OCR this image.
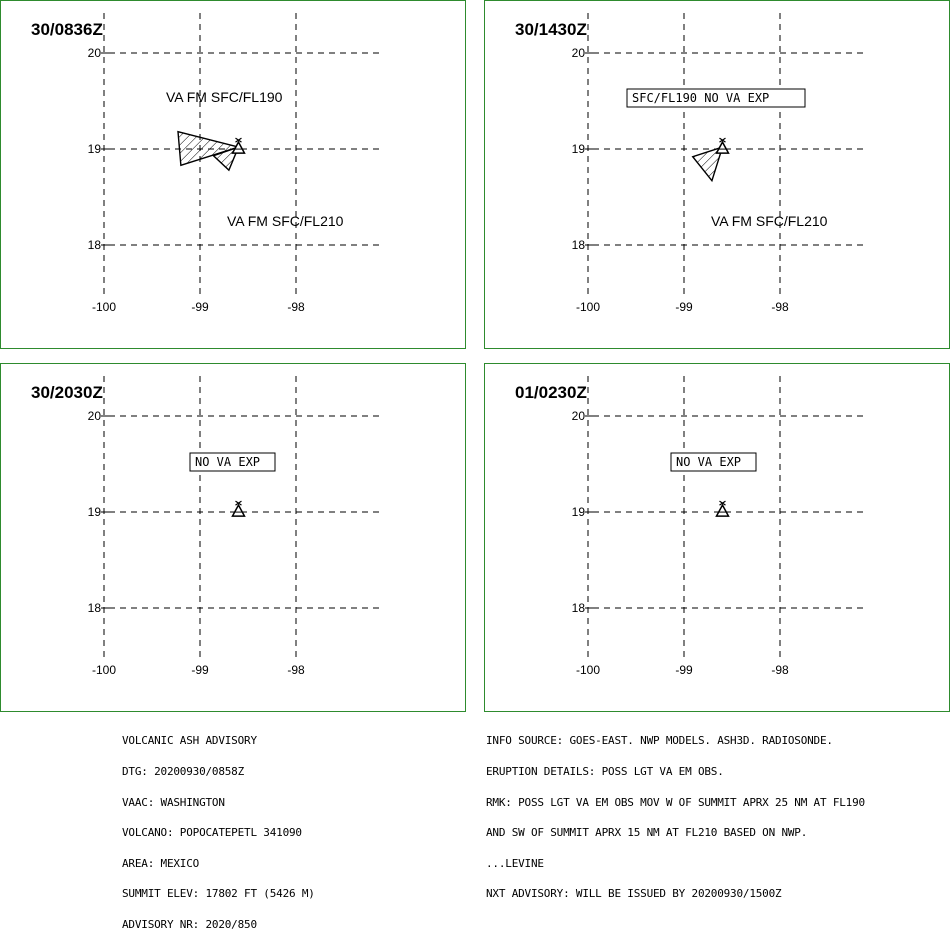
30/0836Z
20
19
18
-100	-99	-98
VA FM SFC/FL190
VA FM SFC/FL210
30/1430Z
20
19
18
-100	-99	-98
SFC/FL190 NO VA EXP
VA FM SFC/FL210
30/2030Z
20
19
18
-100	-99	-98
NO VA EXP
01/0230Z
20
19
18
-100	-99	-98
NO VA EXP

VOLCANIC ASH ADVISORY

DTG: 20200930/0858Z

VAAC: WASHINGTON

VOLCANO: POPOCATEPETL 341090

AREA: MEXICO

SUMMIT ELEV: 17802 FT (5426 M)

ADVISORY NR: 2020/850

INFO SOURCE: GOES-EAST. NWP MODELS. ASH3D. RADIOSONDE.

ERUPTION DETAILS: POSS LGT VA EM OBS.

RMK: POSS LGT VA EM OBS MOV W OF SUMMIT APRX 25 NM AT FL190

AND SW OF SUMMIT APRX 15 NM AT FL210 BASED ON NWP.

...LEVINE

NXT ADVISORY: WILL BE ISSUED BY 20200930/1500Z
